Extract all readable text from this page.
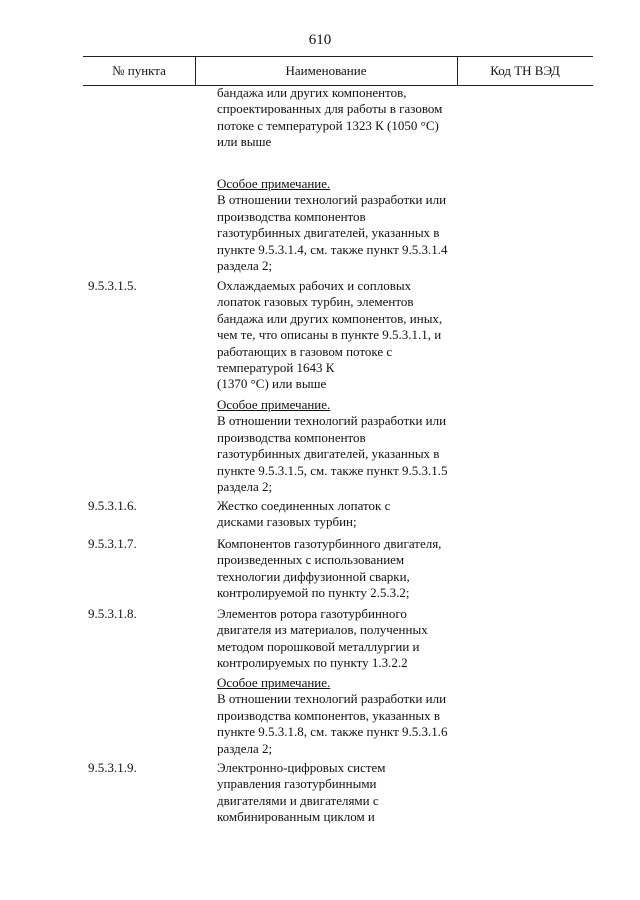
610
№ пункта	Наименование	Код ТН ВЭД
бандажа или других компонентов,
спроектированных для работы в газовом
потоке с температурой 1323 К (1050 °С)
или выше
Особое примечание.
В отношении технологий разработки или
производства компонентов
газотурбинных двигателей, указанных в
пункте 9.5.3.1.4, см. также пункт 9.5.3.1.4
раздела 2;
9.5.3.1.5.	Охлаждаемых рабочих и сопловых
лопаток газовых турбин, элементов
бандажа или других компонентов, иных,
чем те, что описаны в пункте 9.5.3.1.1, и
работающих в газовом потоке с
температурой 1643 К
(1370 °С) или выше
Особое примечание.
В отношении технологий разработки или
производства компонентов
газотурбинных двигателей, указанных в
пункте 9.5.3.1.5, см. также пункт 9.5.3.1.5
раздела 2;
9.5.3.1.6.	Жестко соединенных лопаток с
дисками газовых турбин;
9.5.3.1.7.	Компонентов газотурбинного двигателя,
произведенных с использованием
технологии диффузионной сварки,
контролируемой по пункту 2.5.3.2;
9.5.3.1.8.	Элементов ротора газотурбинного
двигателя из материалов, полученных
методом порошковой металлургии и
контролируемых по пункту 1.3.2.2
Особое примечание.
В отношении технологий разработки или
производства компонентов, указанных в
пункте 9.5.3.1.8, см. также пункт 9.5.3.1.6
раздела 2;
9.5.3.1.9.	Электронно-цифровых систем
управления газотурбинными
двигателями и двигателями с
комбинированным циклом и
